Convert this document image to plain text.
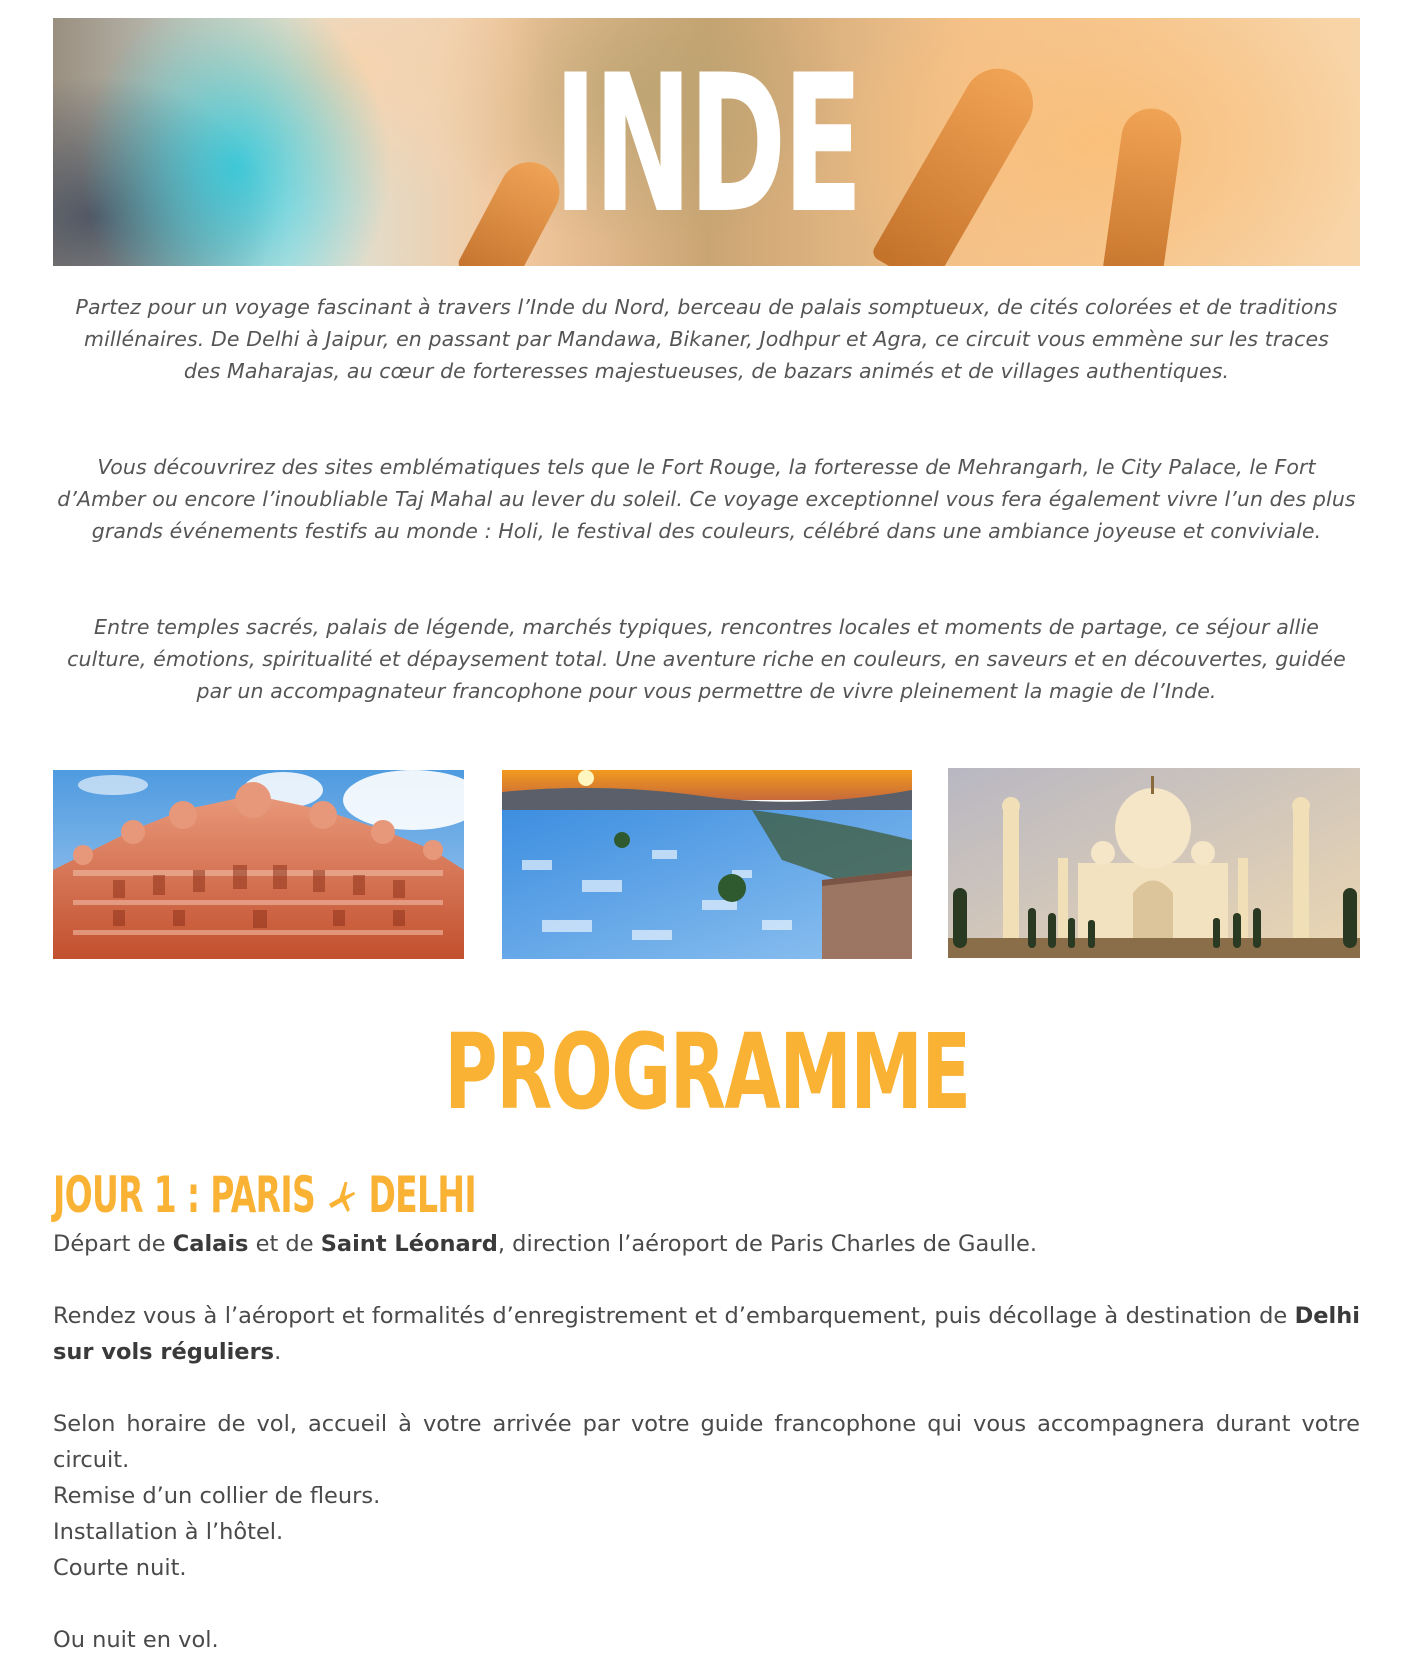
INDE

Partez pour un voyage fascinant à travers l’Inde du Nord, berceau de palais somptueux, de cités colorées et de traditions millénaires. De Delhi à Jaipur, en passant par Mandawa, Bikaner, Jodhpur et Agra, ce circuit vous emmène sur les traces des Maharajas, au cœur de forteresses majestueuses, de bazars animés et de villages authentiques.

Vous découvrirez des sites emblématiques tels que le Fort Rouge, la forteresse de Mehrangarh, le City Palace, le Fort d’Amber ou encore l’inoubliable Taj Mahal au lever du soleil. Ce voyage exceptionnel vous fera également vivre l’un des plus grands événements festifs au monde : Holi, le festival des couleurs, célébré dans une ambiance joyeuse et conviviale.

Entre temples sacrés, palais de légende, marchés typiques, rencontres locales et moments de partage, ce séjour allie culture, émotions, spiritualité et dépaysement total. Une aventure riche en couleurs, en saveurs et en découvertes, guidée par un accompagnateur francophone pour vous permettre de vivre pleinement la magie de l’Inde.

PROGRAMME
JOUR 1 : PARIS DELHI

Départ de Calais et de Saint Léonard, direction l’aéroport de Paris Charles de Gaulle.

Rendez vous à l’aéroport et formalités d’enregistrement et d’embarquement, puis décollage à destination de Delhi sur vols réguliers.

Selon horaire de vol, accueil à votre arrivée par votre guide francophone qui vous accompagnera durant votre circuit.
Remise d’un collier de fleurs.
Installation à l’hôtel.
Courte nuit.

Ou nuit en vol.
